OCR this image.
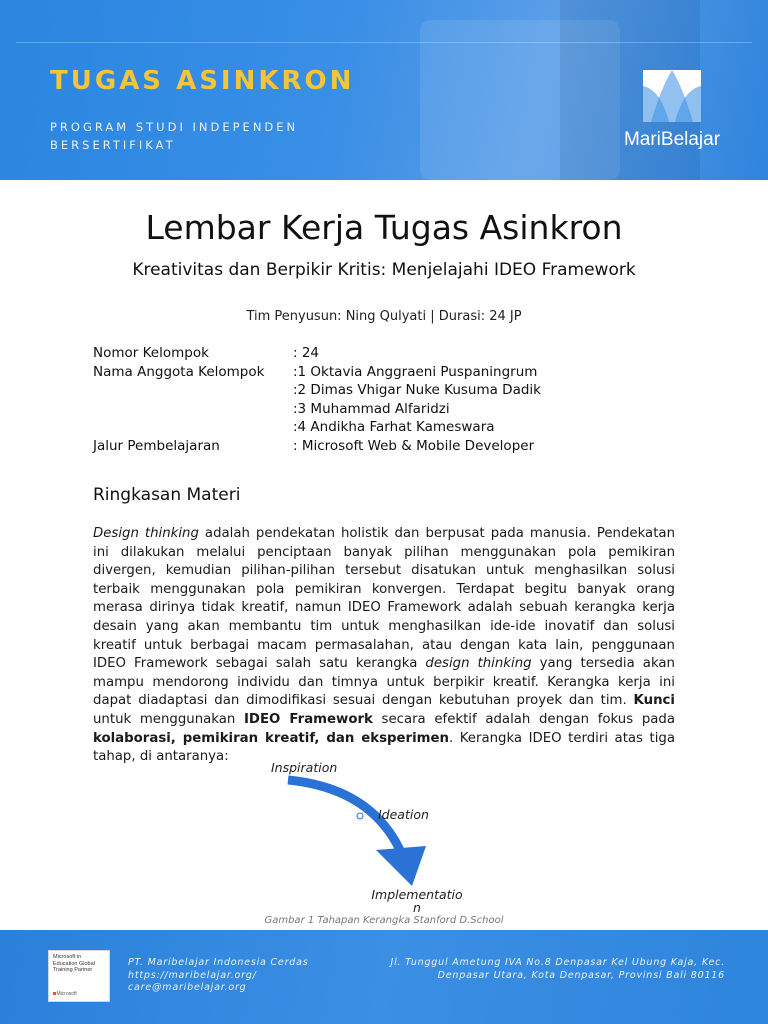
TUGAS ASINKRON
PROGRAM STUDI INDEPENDEN
BERSERTIFIKAT	MariBelajar
Lembar Kerja Tugas Asinkron
Kreativitas dan Berpikir Kritis: Menjelajahi IDEO Framework
Tim Penyusun: Ning Qulyati | Durasi: 24 JP
Nomor Kelompok	: 24
Nama Anggota Kelompok	:1 Oktavia Anggraeni Puspaningrum
:2 Dimas Vhigar Nuke Kusuma Dadik
:3 Muhammad Alfaridzi
:4 Andikha Farhat Kameswara
Jalur Pembelajaran	: Microsoft Web & Mobile Developer
Ringkasan Materi
Design thinking adalah pendekatan holistik dan berpusat pada manusia. Pendekatan ini dilakukan melalui penciptaan banyak pilihan menggunakan pola pemikiran divergen, kemudian pilihan-pilihan tersebut disatukan untuk menghasilkan solusi terbaik menggunakan pola pemikiran konvergen. Terdapat begitu banyak orang merasa dirinya tidak kreatif, namun IDEO Framework adalah sebuah kerangka kerja desain yang akan membantu tim untuk menghasilkan ide-ide inovatif dan solusi kreatif untuk berbagai macam permasalahan, atau dengan kata lain, penggunaan IDEO Framework sebagai salah satu kerangka design thinking yang tersedia akan mampu mendorong individu dan timnya untuk berpikir kreatif. Kerangka kerja ini dapat diadaptasi dan dimodifikasi sesuai dengan kebutuhan proyek dan tim. Kunci untuk menggunakan IDEO Framework secara efektif adalah dengan fokus pada kolaborasi, pemikiran kreatif, dan eksperimen. Kerangka IDEO terdiri atas tiga tahap, di antaranya:
Inspiration
Ideation
Implementatio
n
Gambar 1 Tahapan Kerangka Stanford D.School
Microsoft in
Education Global
Training Partner
Microsoft
PT. Maribelajar Indonesia Cerdas
https://maribelajar.org/
care@maribelajar.org
Jl. Tunggul Ametung IVA No.8 Denpasar Kel Ubung Kaja, Kec.
Denpasar Utara, Kota Denpasar, Provinsi Bali 80116
